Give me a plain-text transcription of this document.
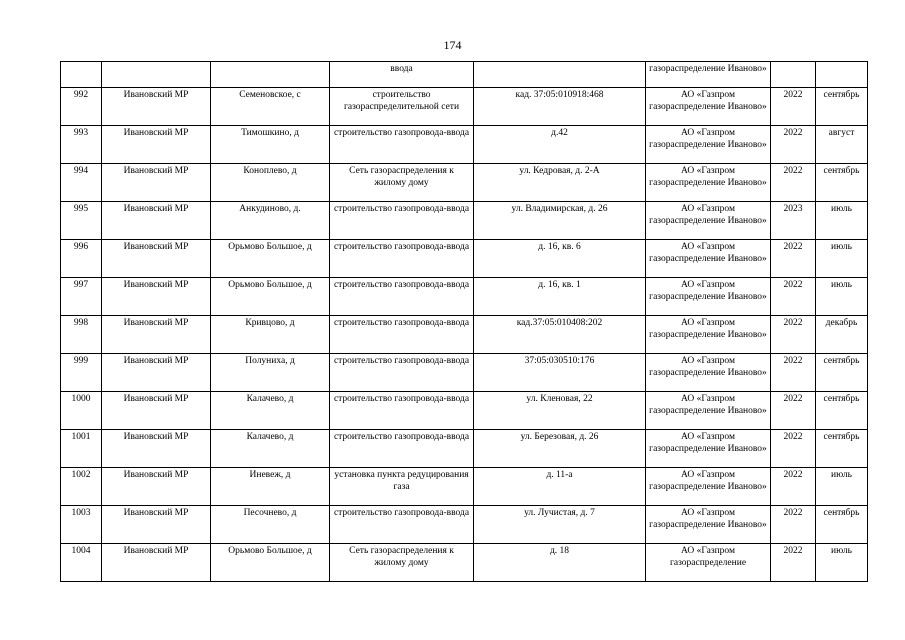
174
			ввода		газораспределение Иваново»		
992	Ивановский МР	Семеновское, с	строительство газораспределительной сети	кад. 37:05:010918:468	АО «Газпром газораспределение Иваново»	2022	сентябрь
993	Ивановский МР	Тимошкино, д	строительство газопровода-ввода	д.42	АО «Газпром газораспределение Иваново»	2022	август
994	Ивановский МР	Коноплево, д	Сеть газораспределения к жилому дому	ул. Кедровая, д. 2-А	АО «Газпром газораспределение Иваново»	2022	сентябрь
995	Ивановский МР	Анкудиново, д.	строительство газопровода-ввода	ул. Владимирская, д. 26	АО «Газпром газораспределение Иваново»	2023	июль
996	Ивановский МР	Орьмово Большое, д	строительство газопровода-ввода	д. 16, кв. 6	АО «Газпром газораспределение Иваново»	2022	июль
997	Ивановский МР	Орьмово Большое, д	строительство газопровода-ввода	д. 16, кв. 1	АО «Газпром газораспределение Иваново»	2022	июль
998	Ивановский МР	Кривцово, д	строительство газопровода-ввода	кад.37:05:010408:202	АО «Газпром газораспределение Иваново»	2022	декабрь
999	Ивановский МР	Полуниха, д	строительство газопровода-ввода	37:05:030510:176	АО «Газпром газораспределение Иваново»	2022	сентябрь
1000	Ивановский МР	Калачево, д	строительство газопровода-ввода	ул. Кленовая, 22	АО «Газпром газораспределение Иваново»	2022	сентябрь
1001	Ивановский МР	Калачево, д	строительство газопровода-ввода	ул. Березовая, д. 26	АО «Газпром газораспределение Иваново»	2022	сентябрь
1002	Ивановский МР	Иневеж, д	установка пункта редуцирования газа	д. 11-а	АО «Газпром газораспределение Иваново»	2022	июль
1003	Ивановский МР	Песочнево, д	строительство газопровода-ввода	ул. Лучистая, д. 7	АО «Газпром газораспределение Иваново»	2022	сентябрь
1004	Ивановский МР	Орьмово Большое, д	Сеть газораспределения к жилому дому	д. 18	АО «Газпром газораспределение	2022	июль
